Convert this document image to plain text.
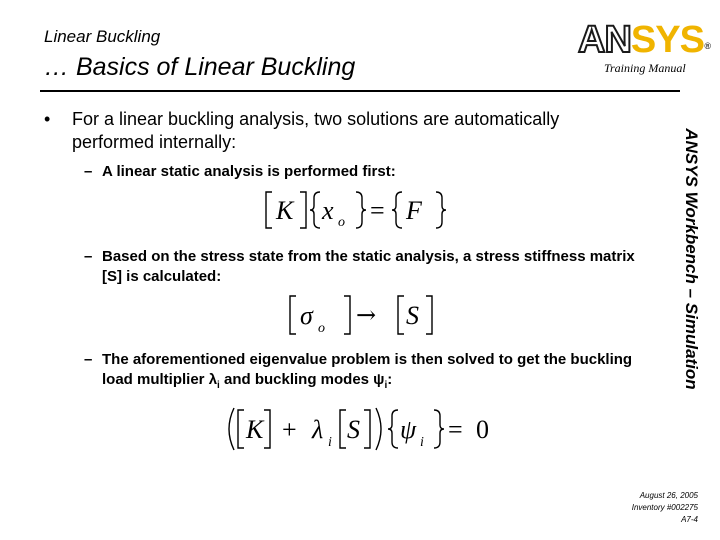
Linear Buckling
… Basics of Linear Buckling
ANSYS ®
Training Manual
ANSYS Workbench – Simulation
• For a linear buckling analysis, two solutions are automatically performed internally:
– A linear static analysis is performed first:
K x o = F
– Based on the stress state from the static analysis, a stress stiffness matrix [S] is calculated:
σ o → S
– The aforementioned eigenvalue problem is then solved to get the buckling load multiplier $\lambda_i$ and buckling modes $\psi_i$:
K + λ i S ψ i = 0
August 26, 2005
Inventory #002275
A7-4
